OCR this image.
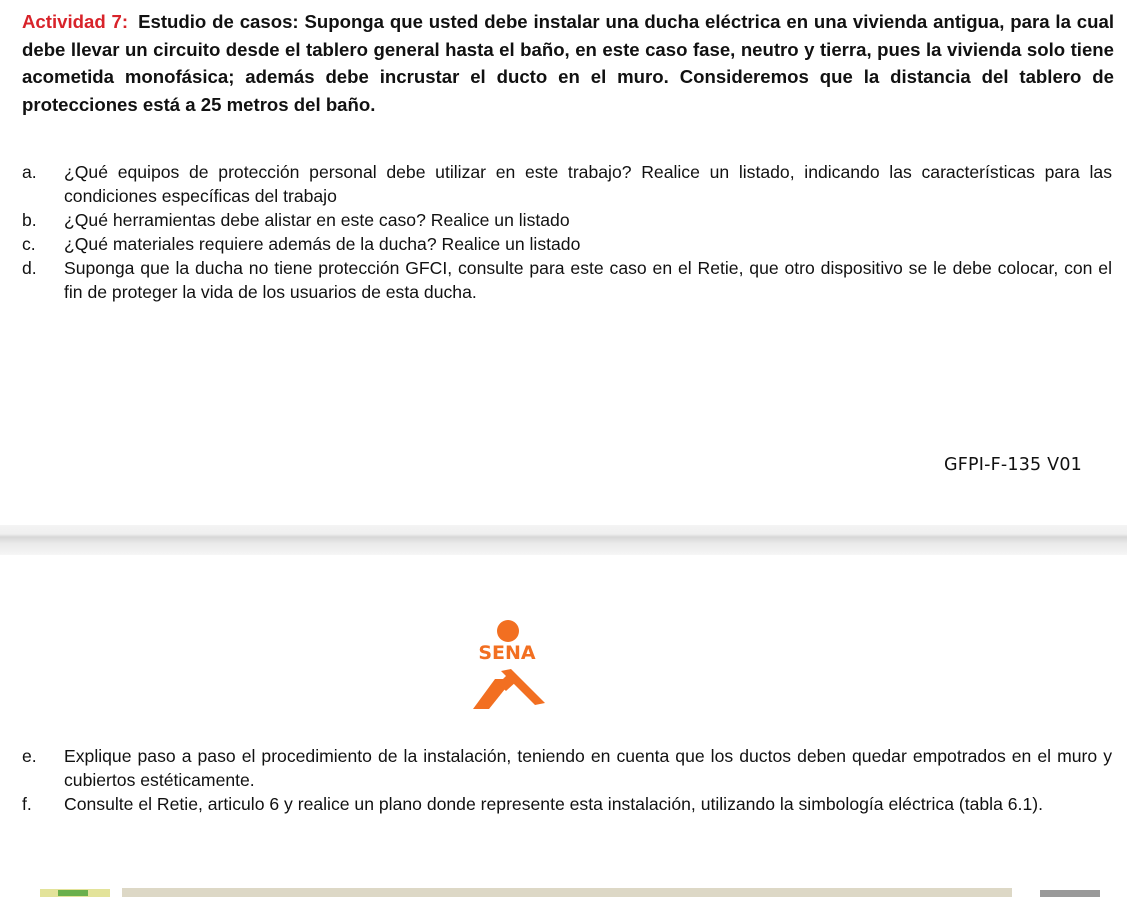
Actividad 7: Estudio de casos: Suponga que usted debe instalar una ducha eléctrica en una vivienda antigua, para la cual debe llevar un circuito desde el tablero general hasta el baño, en este caso fase, neutro y tierra, pues la vivienda solo tiene acometida monofásica; además debe incrustar el ducto en el muro. Consideremos que la distancia del tablero de protecciones está a 25 metros del baño.
a.	¿Qué equipos de protección personal debe utilizar en este trabajo? Realice un listado, indicando las características para las condiciones específicas del trabajo
b.	¿Qué herramientas debe alistar en este caso? Realice un listado
c.	¿Qué materiales requiere además de la ducha? Realice un listado
d.	Suponga que la ducha no tiene protección GFCI, consulte para este caso en el Retie, que otro dispositivo se le debe colocar, con el fin de proteger la vida de los usuarios de esta ducha.
GFPI-F-135 V01
SENA
e.	Explique paso a paso el procedimiento de la instalación, teniendo en cuenta que los ductos deben quedar empotrados en el muro y cubiertos estéticamente.
f.	Consulte el Retie, articulo 6 y realice un plano donde represente esta instalación, utilizando la simbología eléctrica (tabla 6.1).
